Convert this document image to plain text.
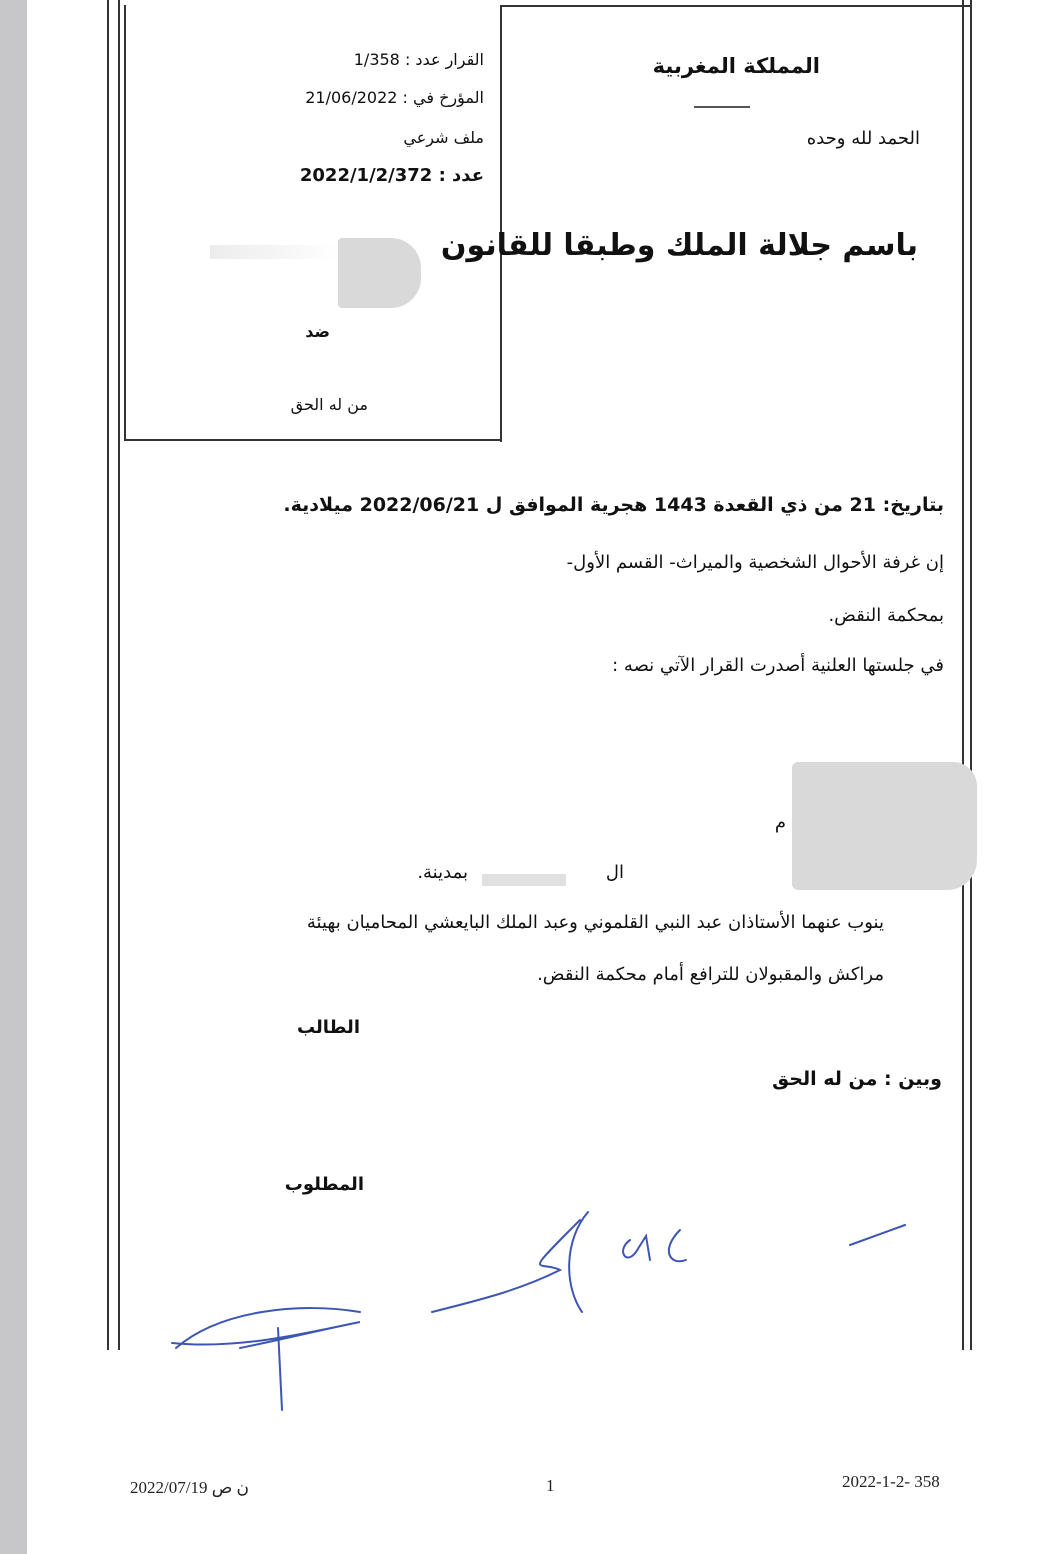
القرار عدد : 1/358
المؤرخ في : 21/06/2022
ملف شرعي
عدد : 2022/1/2/372
ضد
من له الحق
المملكة المغربية
الحمد لله وحده
باسم جلالة الملك وطبقا للقانون
بتاريخ: 21 من ذي القعدة 1443 هجرية الموافق ل 2022/06/21 ميلادية.
إن غرفة الأحوال الشخصية والميراث- القسم الأول-
بمحكمة النقض.
في جلستها العلنية أصدرت القرار الآتي نصه :
م
بمدينة.	ال
ينوب عنهما الأستاذان عبد النبي القلموني وعبد الملك البايعشي المحاميان بهيئة
مراكش والمقبولان للترافع أمام محكمة النقض.
الطالب
وبين : من له الحق
المطلوب
2022/07/19 ن ص	1	2022-1-2- 358
